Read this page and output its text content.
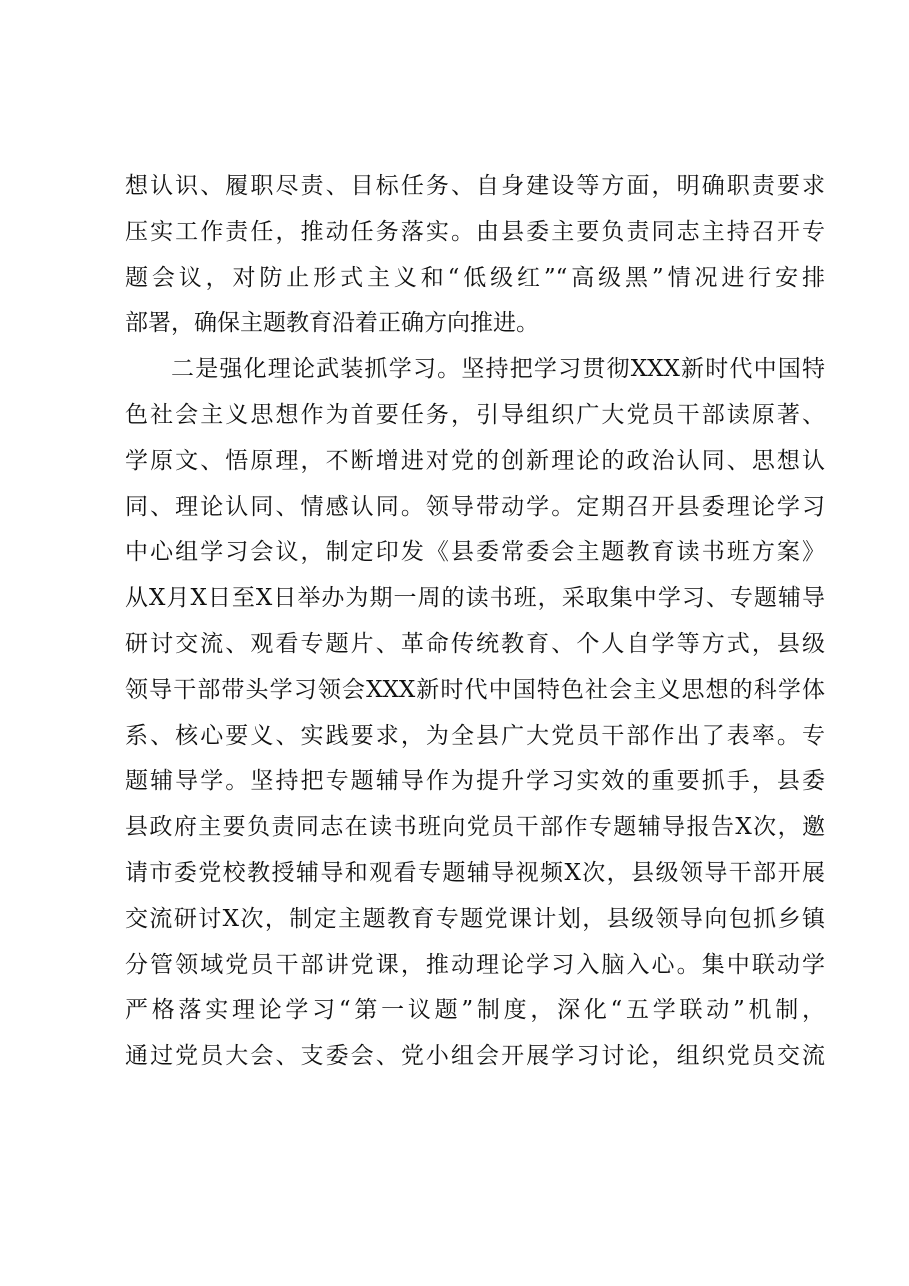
想认识、履职尽责、目标任务、自身建设等方面，明确职责要求
压实工作责任，推动任务落实。由县委主要负责同志主持召开专
题会议，对防止形式主义和“低级红”“高级黑”情况进行安排
部署，确保主题教育沿着正确方向推进。
二是强化理论武装抓学习。坚持把学习贯彻XXX新时代中国特
色社会主义思想作为首要任务，引导组织广大党员干部读原著、
学原文、悟原理，不断增进对党的创新理论的政治认同、思想认
同、理论认同、情感认同。领导带动学。定期召开县委理论学习
中心组学习会议，制定印发《县委常委会主题教育读书班方案》
从X月X日至X日举办为期一周的读书班，采取集中学习、专题辅导
研讨交流、观看专题片、革命传统教育、个人自学等方式，县级
领导干部带头学习领会XXX新时代中国特色社会主义思想的科学体
系、核心要义、实践要求，为全县广大党员干部作出了表率。专
题辅导学。坚持把专题辅导作为提升学习实效的重要抓手，县委
县政府主要负责同志在读书班向党员干部作专题辅导报告X次，邀
请市委党校教授辅导和观看专题辅导视频X次，县级领导干部开展
交流研讨X次，制定主题教育专题党课计划，县级领导向包抓乡镇
分管领域党员干部讲党课，推动理论学习入脑入心。集中联动学
严格落实理论学习“第一议题”制度，深化“五学联动”机制，
通过党员大会、支委会、党小组会开展学习讨论，组织党员交流
